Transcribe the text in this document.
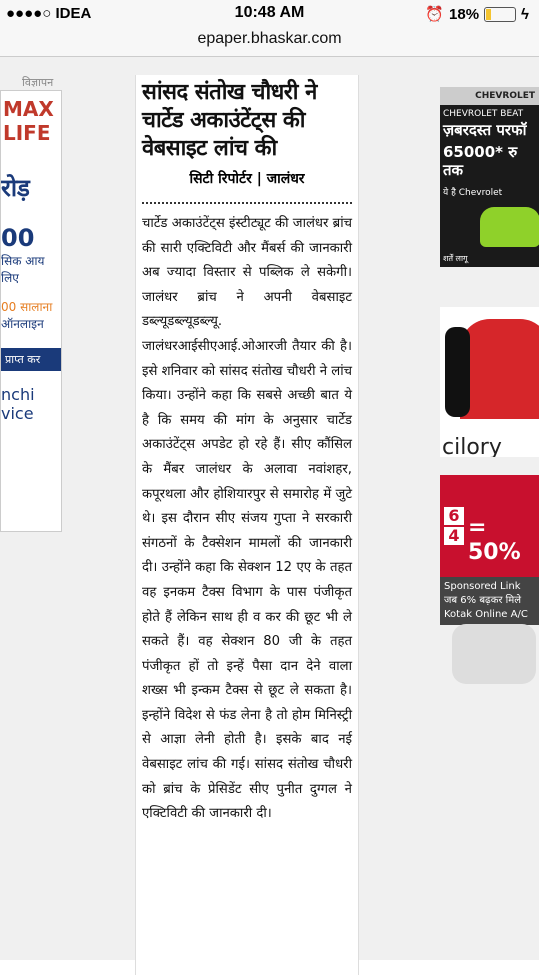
●●●●○ IDEA	10:48 AM	⏰ 18%	ϟ
epaper.bhaskar.com
विज्ञापन
MAX LIFE
रोड़
00
सिक आय
लिए
00 सालाना
ऑनलाइन
प्राप्त कर
nchi vice
सांसद संतोख चौधरी ने चार्टेड अकाउंटेंट्स की वेबसाइट लांच की
सिटी रिपोर्टर | जालंधर
चार्टेड अकाउंटेंट्स इंस्टीट्यूट की जालंधर ब्रांच की सारी एक्टिविटी और मैंबर्स की जानकारी अब ज्यादा विस्तार से पब्लिक ले सकेगी। जालंधर ब्रांच ने अपनी वेबसाइट डब्ल्यूडब्ल्यूडब्ल्यू. जालंधरआईसीएआई.ओआरजी तैयार की है। इसे शनिवार को सांसद संतोख चौधरी ने लांच किया। उन्होंने कहा कि सबसे अच्छी बात ये है कि समय की मांग के अनुसार चार्टेड अकाउंटेंट्स अपडेट हो रहे हैं। सीए कौंसिल के मैंबर जालंधर के अलावा नवांशहर, कपूरथला और होशियारपुर से समारोह में जुटे थे। इस दौरान सीए संजय गुप्ता ने सरकारी संगठनों के टैक्सेशन मामलों की जानकारी दी। उन्होंने कहा कि सेक्शन 12 एए के तहत वह इनकम टैक्स विभाग के पास पंजीकृत होते हैं लेकिन साथ ही व कर की छूट भी ले सकते हैं। वह सेक्शन 80 जी के तहत पंजीकृत हों तो इन्हें पैसा दान देने वाला शख्स भी इन्कम टैक्स से छूट ले सकता है। इन्होंने विदेश से फंड लेना है तो होम मिनिस्ट्री से आज्ञा लेनी होती है। इसके बाद नई वेबसाइट लांच की गई। सांसद संतोख चौधरी को ब्रांच के प्रेसिडेंट सीए पुनीत दुग्गल ने एक्टिविटी की जानकारी दी।
CHEVROLET
CHEVROLET BEAT
ज़बरदस्त परफॉ
65000* रु तक
ये है Chevrolet
शर्तें लागू
cilory
$\frac{6}{4} = 50\%$
Sponsored Link
जब 6% बढ़कर मिले
Kotak Online A/C
